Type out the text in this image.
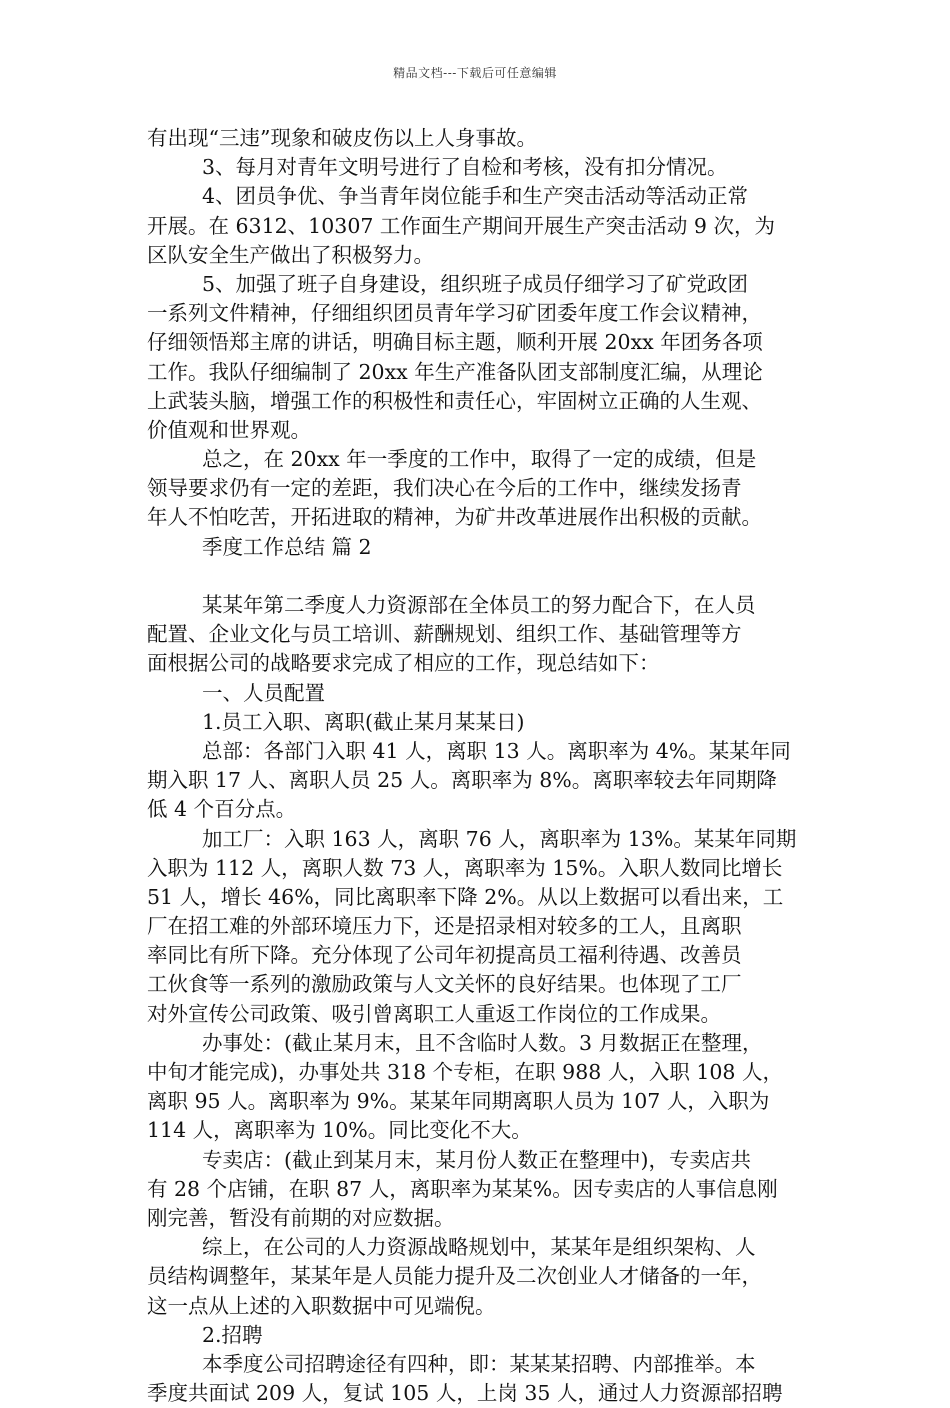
精品文档---下载后可任意编辑
有出现“三违”现象和破皮伤以上人身事故。
3、每月对青年文明号进行了自检和考核，没有扣分情况。
4、团员争优、争当青年岗位能手和生产突击活动等活动正常
开展。在 6312、10307 工作面生产期间开展生产突击活动 9 次，为
区队安全生产做出了积极努力。
5、加强了班子自身建设，组织班子成员仔细学习了矿党政团
一系列文件精神，仔细组织团员青年学习矿团委年度工作会议精神，
仔细领悟郑主席的讲话，明确目标主题，顺利开展 20xx 年团务各项
工作。我队仔细编制了 20xx 年生产准备队团支部制度汇编，从理论
上武装头脑，增强工作的积极性和责任心，牢固树立正确的人生观、
价值观和世界观。
总之，在 20xx 年一季度的工作中，取得了一定的成绩，但是
领导要求仍有一定的差距，我们决心在今后的工作中，继续发扬青
年人不怕吃苦，开拓进取的精神，为矿井改革进展作出积极的贡献。
季度工作总结 篇 2
某某年第二季度人力资源部在全体员工的努力配合下，在人员
配置、企业文化与员工培训、薪酬规划、组织工作、基础管理等方
面根据公司的战略要求完成了相应的工作，现总结如下：
一、人员配置
1.员工入职、离职(截止某月某某日)
总部：各部门入职 41 人，离职 13 人。离职率为 4%。某某年同
期入职 17 人、离职人员 25 人。离职率为 8%。离职率较去年同期降
低 4 个百分点。
加工厂：入职 163 人，离职 76 人，离职率为 13%。某某年同期
入职为 112 人，离职人数 73 人，离职率为 15%。入职人数同比增长
51 人，增长 46%，同比离职率下降 2%。从以上数据可以看出来，工
厂在招工难的外部环境压力下，还是招录相对较多的工人，且离职
率同比有所下降。充分体现了公司年初提高员工福利待遇、改善员
工伙食等一系列的激励政策与人文关怀的良好结果。也体现了工厂
对外宣传公司政策、吸引曾离职工人重返工作岗位的工作成果。
办事处：(截止某月末，且不含临时人数。3 月数据正在整理，
中旬才能完成)，办事处共 318 个专柜，在职 988 人，入职 108 人，
离职 95 人。离职率为 9%。某某年同期离职人员为 107 人，入职为
114 人，离职率为 10%。同比变化不大。
专卖店：(截止到某月末，某月份人数正在整理中)，专卖店共
有 28 个店铺，在职 87 人，离职率为某某%。因专卖店的人事信息刚
刚完善，暂没有前期的对应数据。
综上，在公司的人力资源战略规划中，某某年是组织架构、人
员结构调整年，某某年是人员能力提升及二次创业人才储备的一年，
这一点从上述的入职数据中可见端倪。
2.招聘
本季度公司招聘途径有四种，即：某某某招聘、内部推举。本
季度共面试 209 人，复试 105 人，上岗 35 人，通过人力资源部招聘
